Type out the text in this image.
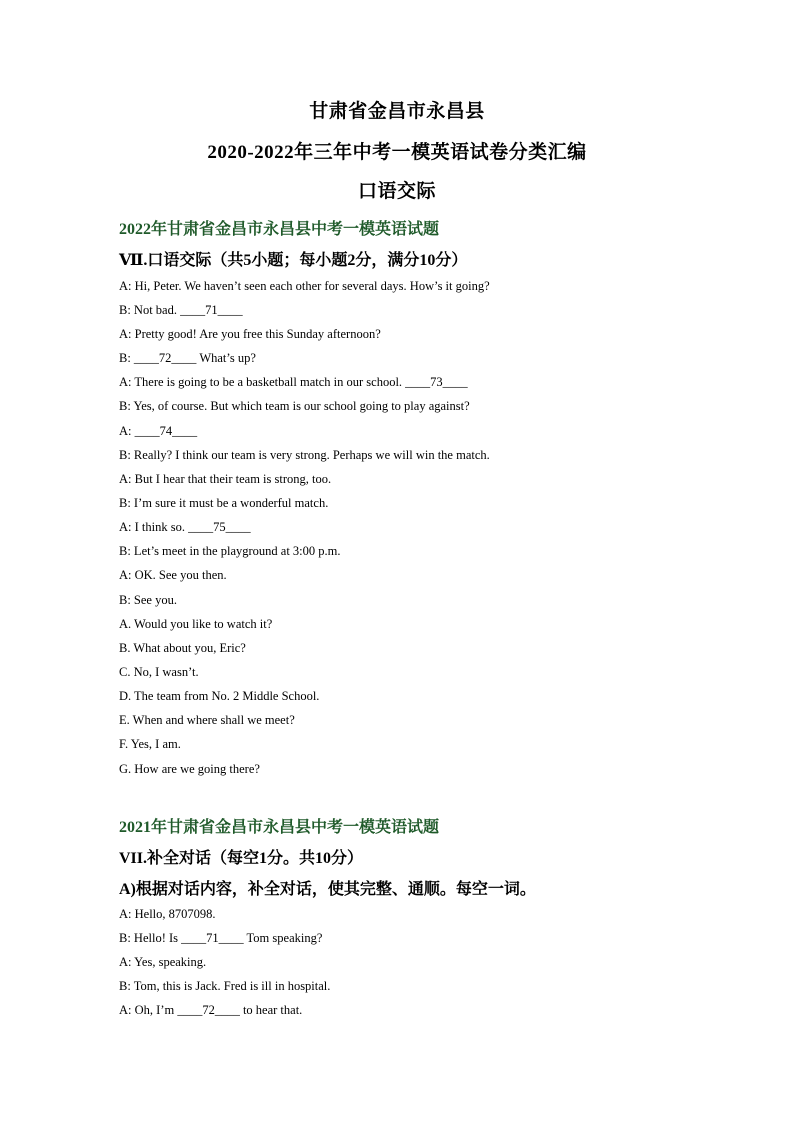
甘肃省金昌市永昌县
2020-2022年三年中考一模英语试卷分类汇编
口语交际
2022年甘肃省金昌市永昌县中考一模英语试题
Ⅶ.口语交际（共5小题；每小题2分，满分10分）
A: Hi, Peter. We haven’t seen each other for several days. How’s it going?
B: Not bad. ____71____
A: Pretty good! Are you free this Sunday afternoon?
B: ____72____ What’s up?
A: There is going to be a basketball match in our school. ____73____
B: Yes, of course. But which team is our school going to play against?
A: ____74____
B: Really? I think our team is very strong. Perhaps we will win the match.
A: But I hear that their team is strong, too.
B: I’m sure it must be a wonderful match.
A: I think so. ____75____
B: Let’s meet in the playground at 3:00 p.m.
A: OK. See you then.
B: See you.
A. Would you like to watch it?
B. What about you, Eric?
C. No, I wasn’t.
D. The team from No. 2 Middle School.
E. When and where shall we meet?
F. Yes, I am.
G. How are we going there?
2021年甘肃省金昌市永昌县中考一模英语试题
VII.补全对话（每空1分。共10分）
A)根据对话内容，补全对话，使其完整、通顺。每空一词。
A: Hello, 8707098.
B: Hello! Is ____71____ Tom speaking?
A: Yes, speaking.
B: Tom, this is Jack. Fred is ill in hospital.
A: Oh, I’m ____72____ to hear that.
